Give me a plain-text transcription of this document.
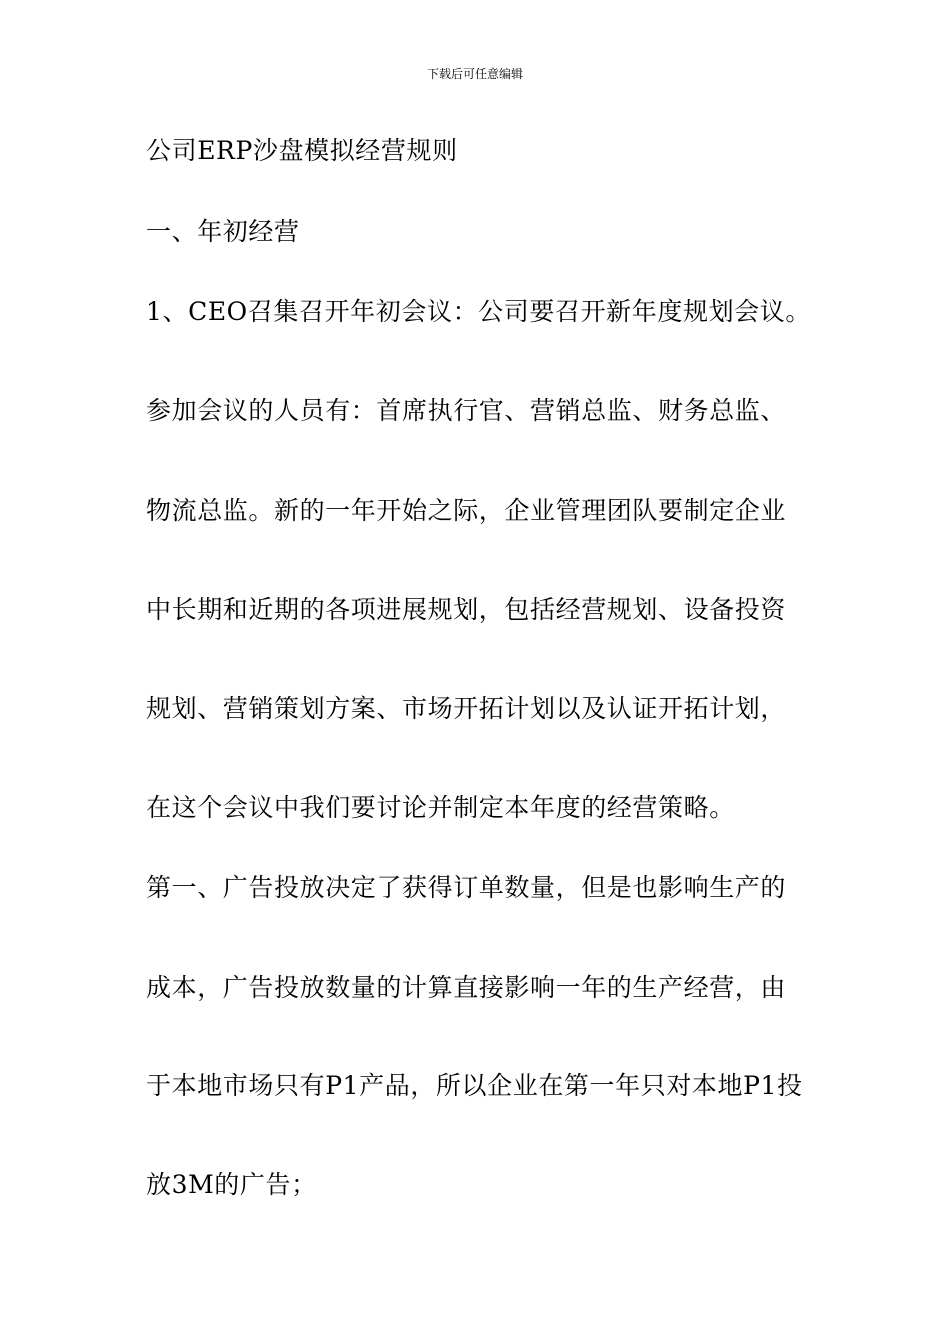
下载后可任意编辑
公司ERP沙盘模拟经营规则
一、年初经营
1、CEO召集召开年初会议：公司要召开新年度规划会议。
参加会议的人员有：首席执行官、营销总监、财务总监、
物流总监。新的一年开始之际，企业管理团队要制定企业
中长期和近期的各项进展规划，包括经营规划、设备投资
规划、营销策划方案、市场开拓计划以及认证开拓计划，
在这个会议中我们要讨论并制定本年度的经营策略。
第一、广告投放决定了获得订单数量，但是也影响生产的
成本，广告投放数量的计算直接影响一年的生产经营，由
于本地市场只有P1产品，所以企业在第一年只对本地P1投
放3M的广告；
